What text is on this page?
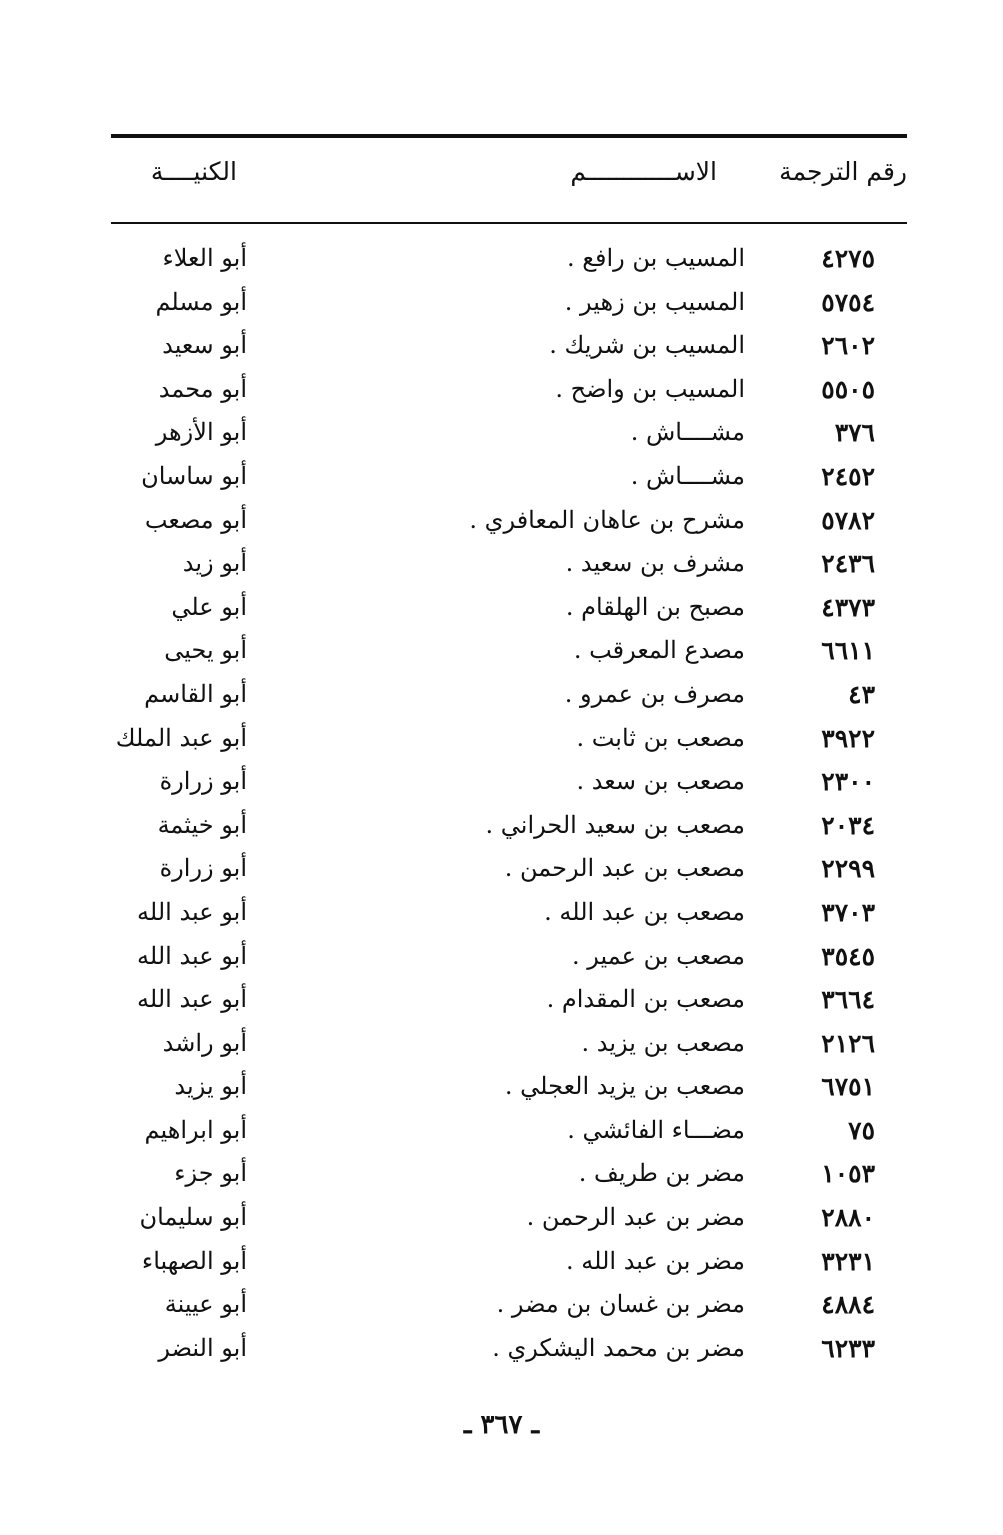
رقم الترجمة
الاســــــــــــم
الكنيــــة
٤٢٧٥
المسيب بن رافع .
أبو العلاء
٥٧٥٤
المسيب بن زهير .
أبو مسلم
٢٦٠٢
المسيب بن شريك .
أبو سعيد
٥٥٠٥
المسيب بن واضح .
أبو محمد
٣٧٦
مشــــاش .
أبو الأزهر
٢٤٥٢
مشــــاش .
أبو ساسان
٥٧٨٢
مشرح بن عاهان المعافري .
أبو مصعب
٢٤٣٦
مشرف بن سعيد .
أبو زيد
٤٣٧٣
مصبح بن الهلقام .
أبو علي
٦٦١١
مصدع المعرقب .
أبو يحيى
٤٣
مصرف بن عمرو .
أبو القاسم
٣٩٢٢
مصعب بن ثابت .
أبو عبد الملك
٢٣٠٠
مصعب بن سعد .
أبو زرارة
٢٠٣٤
مصعب بن سعيد الحراني .
أبو خيثمة
٢٢٩٩
مصعب بن عبد الرحمن .
أبو زرارة
٣٧٠٣
مصعب بن عبد الله .
أبو عبد الله
٣٥٤٥
مصعب بن عمير .
أبو عبد الله
٣٦٦٤
مصعب بن المقدام .
أبو عبد الله
٢١٢٦
مصعب بن يزيد .
أبو راشد
٦٧٥١
مصعب بن يزيد العجلي .
أبو يزيد
٧٥
مضـــاء الفائشي .
أبو ابراهيم
١٠٥٣
مضر بن طريف .
أبو جزء
٢٨٨٠
مضر بن عبد الرحمن .
أبو سليمان
٣٢٣١
مضر بن عبد الله .
أبو الصهباء
٤٨٨٤
مضر بن غسان بن مضر .
أبو عيينة
٦٢٣٣
مضر بن محمد اليشكري .
أبو النضر
ـ ٣٦٧ ـ
